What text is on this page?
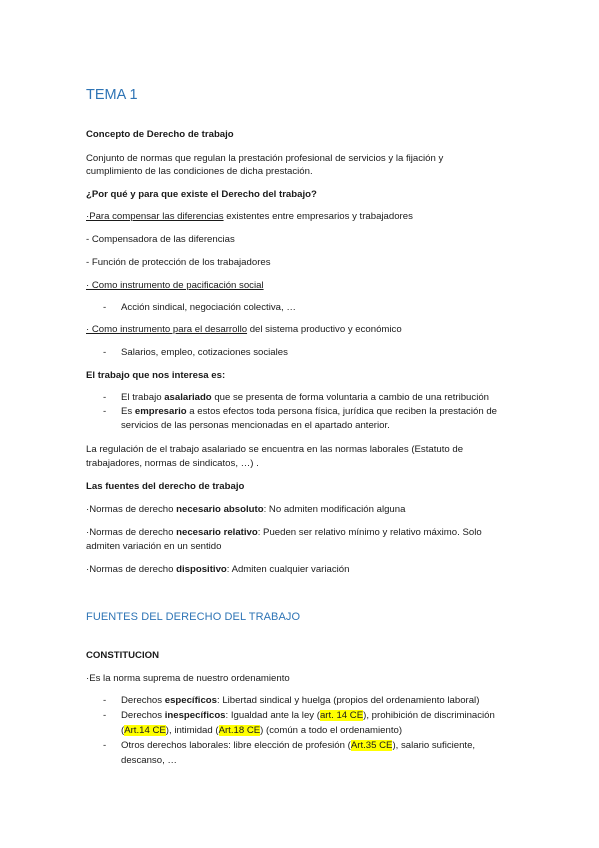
TEMA 1
Concepto de Derecho de trabajo
Conjunto de normas que regulan la prestación profesional de servicios y la fijación y
cumplimiento de las condiciones de dicha prestación.
¿Por qué y para que existe el Derecho del trabajo?
·Para compensar las diferencias existentes entre empresarios y trabajadores
- Compensadora de las diferencias
- Función de protección de los trabajadores
· Como instrumento de pacificación social
- Acción sindical, negociación colectiva, …
· Como instrumento para el desarrollo del sistema productivo y económico
- Salarios, empleo, cotizaciones sociales
El trabajo que nos interesa es:
- El trabajo asalariado que se presenta de forma voluntaria a cambio de una retribución
- Es empresario a estos efectos toda persona física, jurídica que reciben la prestación de
servicios de las personas mencionadas en el apartado anterior.
La regulación de el trabajo asalariado se encuentra en las normas laborales (Estatuto de
trabajadores, normas de sindicatos, …) .
Las fuentes del derecho de trabajo
·Normas de derecho necesario absoluto: No admiten modificación alguna
·Normas de derecho necesario relativo: Pueden ser relativo mínimo y relativo máximo. Solo
admiten variación en un sentido
·Normas de derecho dispositivo: Admiten cualquier variación
FUENTES DEL DERECHO DEL TRABAJO
CONSTITUCION
·Es la norma suprema de nuestro ordenamiento
- Derechos específicos: Libertad sindical y huelga (propios del ordenamiento laboral)
- Derechos inespecíficos: Igualdad ante la ley (art. 14 CE), prohibición de discriminación
(Art.14 CE), intimidad (Art.18 CE) (común a todo el ordenamiento)
- Otros derechos laborales: libre elección de profesión (Art.35 CE), salario suficiente,
descanso, …
